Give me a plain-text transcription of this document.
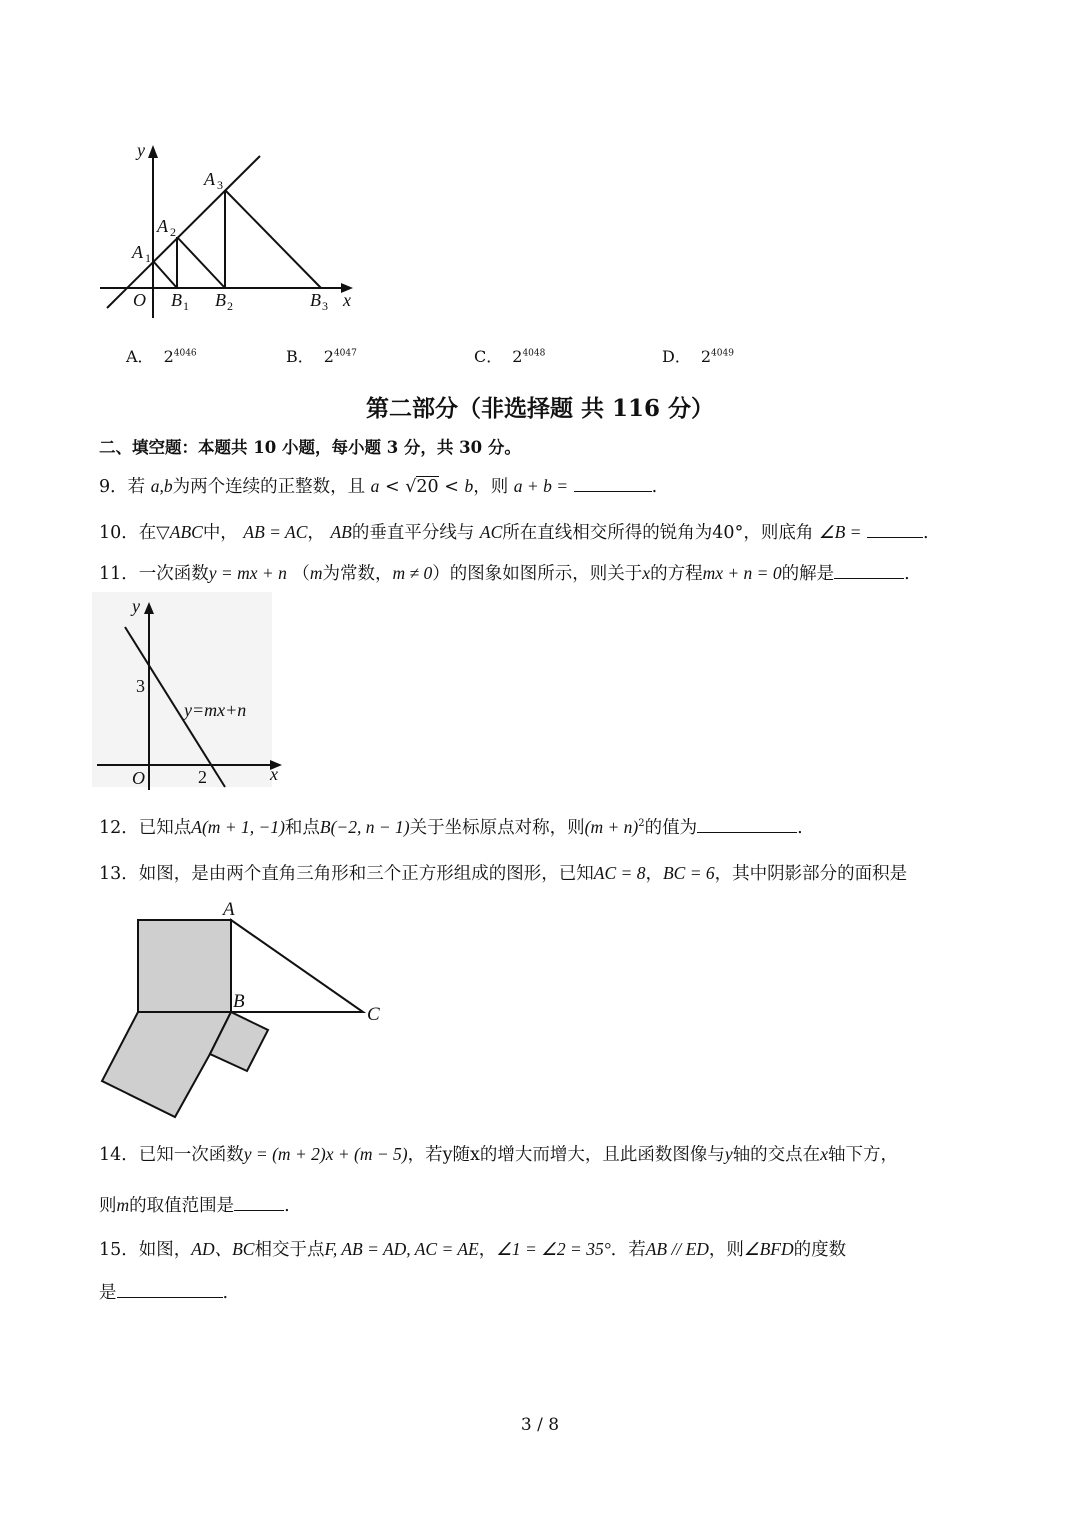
y
x
O
A
A
A
B B	B
1
2
3
1	2	3
A． $2^{4046}$	B． $2^{4047}$	C． $2^{4048}$	D． $2^{4049}$
第二部分（非选择题 共 116 分）
二、填空题：本题共 10 小题，每小题 3 分，共 30 分。
9．若 a,b为两个连续的正整数，且 a < √20 < b，则 a + b =	.
10．在▽ABC中， AB = AC， AB的垂直平分线与 AC所在直线相交所得的锐角为40°，则底角 ∠B =	.
11．一次函数y = mx + n （m为常数，m ≠ 0）的图象如图所示，则关于x的方程mx + n = 0的解是	.
y
x
O
3
2
y=mx+n
12．已知点A(m + 1, −1)和点B(−2, n − 1)关于坐标原点对称，则$(m + n)^2$的值为	.
13．如图，是由两个直角三角形和三个正方形组成的图形，已知AC = 8，BC = 6，其中阴影部分的面积是
A
B
C
14．已知一次函数y = (m + 2)x + (m − 5)，若y随x的增大而增大，且此函数图像与y轴的交点在x轴下方，
则m的取值范围是	.
15．如图，AD、BC相交于点F, AB = AD, AC = AE，∠1 = ∠2 = 35°．若AB // ED，则∠BFD的度数
是	.
3 / 8
